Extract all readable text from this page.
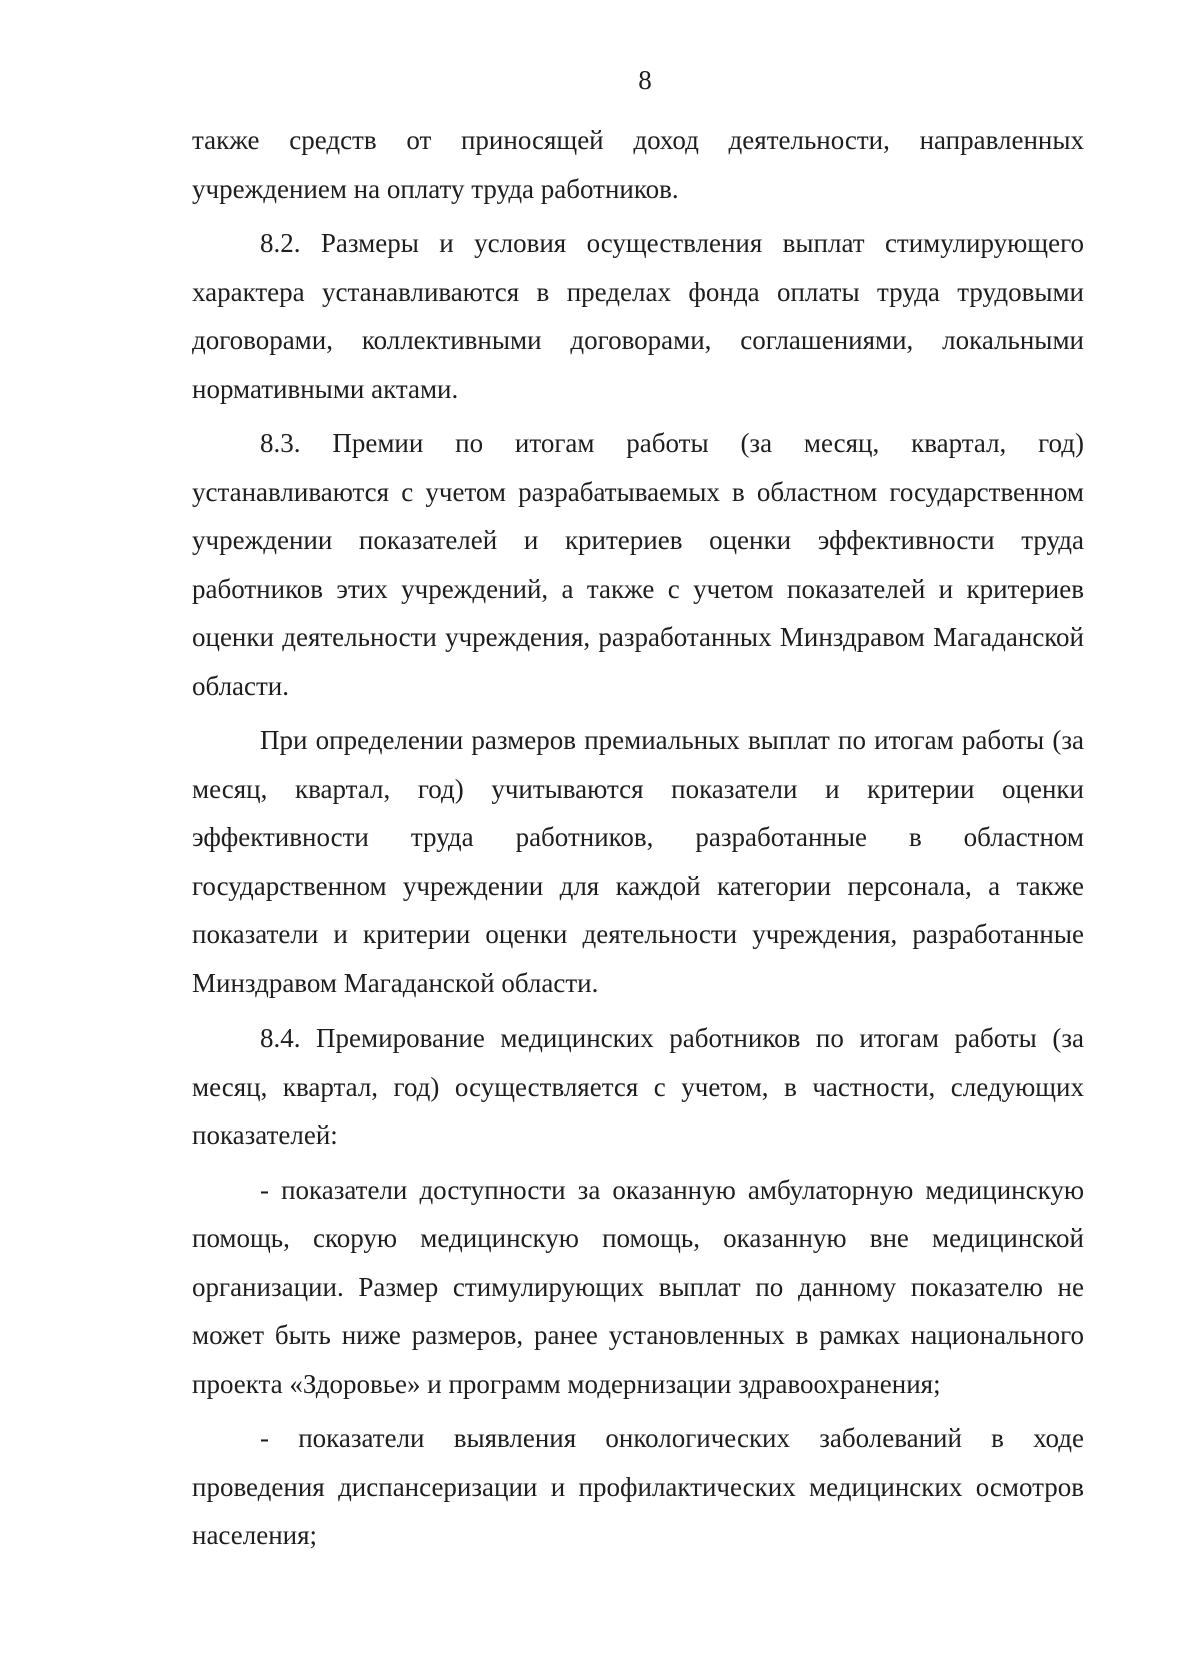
8

также средств от приносящей доход деятельности, направленных учреждением на оплату труда работников.

8.2. Размеры и условия осуществления выплат стимулирующего характера устанавливаются в пределах фонда оплаты труда трудовыми договорами, коллективными договорами, соглашениями, локальными нормативными актами.

8.3. Премии по итогам работы (за месяц, квартал, год) устанавливаются с учетом разрабатываемых в областном государственном учреждении показателей и критериев оценки эффективности труда работников этих учреждений, а также с учетом показателей и критериев оценки деятельности учреждения, разработанных Минздравом Магаданской области.

При определении размеров премиальных выплат по итогам работы (за месяц, квартал, год) учитываются показатели и критерии оценки эффективности труда работников, разработанные в областном государственном учреждении для каждой категории персонала, а также показатели и критерии оценки деятельности учреждения, разработанные Минздравом Магаданской области.

8.4. Премирование медицинских работников по итогам работы (за месяц, квартал, год) осуществляется с учетом, в частности, следующих показателей:

- показатели доступности за оказанную амбулаторную медицинскую помощь, скорую медицинскую помощь, оказанную вне медицинской организации. Размер стимулирующих выплат по данному показателю не может быть ниже размеров, ранее установленных в рамках национального проекта «Здоровье» и программ модернизации здравоохранения;

- показатели выявления онкологических заболеваний в ходе проведения диспансеризации и профилактических медицинских осмотров населения;
